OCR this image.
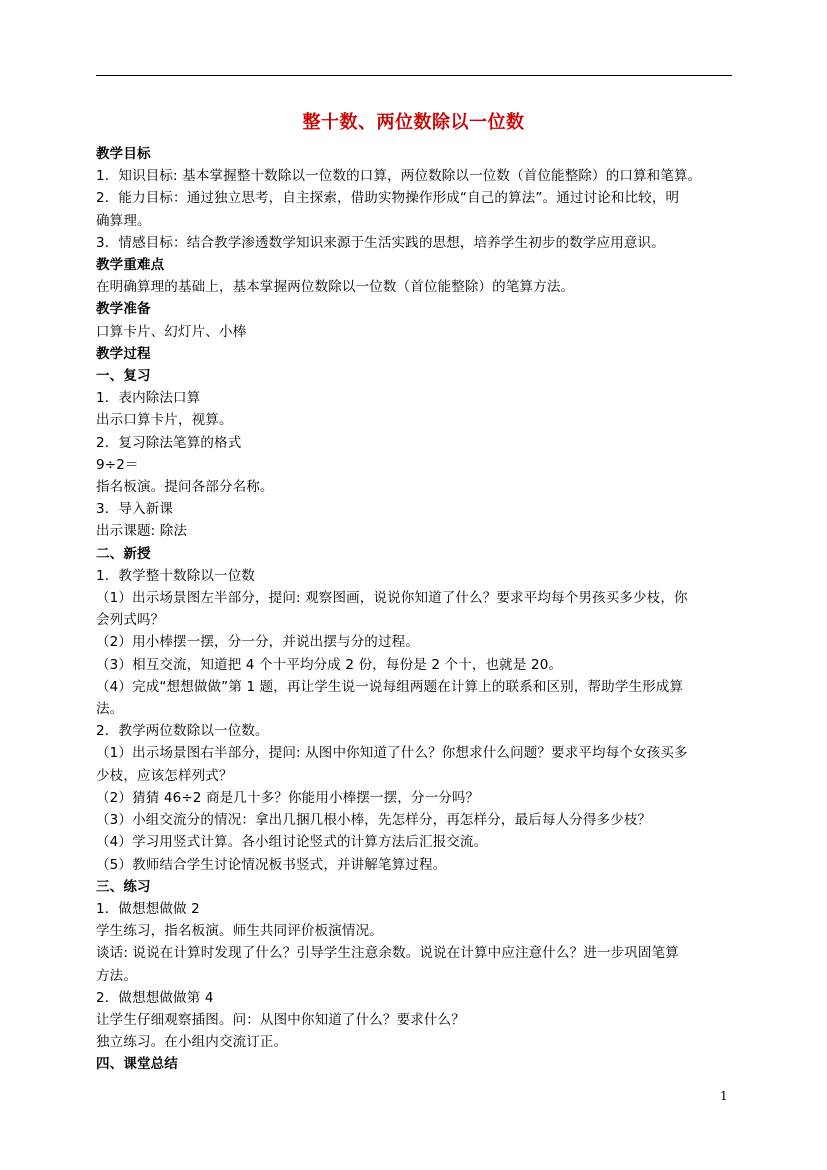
整十数、两位数除以一位数
教学目标
1．知识目标: 基本掌握整十数除以一位数的口算，两位数除以一位数（首位能整除）的口算和笔算。
2．能力目标：通过独立思考，自主探索，借助实物操作形成“自己的算法”。通过讨论和比较，明
确算理。
3．情感目标：结合教学渗透数学知识来源于生活实践的思想，培养学生初步的数学应用意识。
教学重难点
在明确算理的基础上，基本掌握两位数除以一位数（首位能整除）的笔算方法。
教学准备
口算卡片、幻灯片、小棒
教学过程
一、复习
1．表内除法口算
出示口算卡片，视算。
2．复习除法笔算的格式
9÷2＝
指名板演。提问各部分名称。
3．导入新课
出示课题: 除法
二、新授
1．教学整十数除以一位数
（1）出示场景图左半部分，提问: 观察图画，说说你知道了什么？要求平均每个男孩买多少枝，你
会列式吗？
（2）用小棒摆一摆，分一分，并说出摆与分的过程。
（3）相互交流，知道把 4 个十平均分成 2 份，每份是 2 个十，也就是 20。
（4）完成“想想做做”第 1 题，再让学生说一说每组两题在计算上的联系和区别，帮助学生形成算
法。
2．教学两位数除以一位数。
（1）出示场景图右半部分，提问: 从图中你知道了什么？你想求什么问题？要求平均每个女孩买多
少枝，应该怎样列式？
（2）猜猜 46÷2 商是几十多？你能用小棒摆一摆，分一分吗？
（3）小组交流分的情况：拿出几捆几根小棒，先怎样分，再怎样分，最后每人分得多少枝？
（4）学习用竖式计算。各小组讨论竖式的计算方法后汇报交流。
（5）教师结合学生讨论情况板书竖式，并讲解笔算过程。
三、练习
1．做想想做做 2
学生练习，指名板演。师生共同评价板演情况。
谈话: 说说在计算时发现了什么？引导学生注意余数。说说在计算中应注意什么？进一步巩固笔算
方法。
2．做想想做做第 4
让学生仔细观察插图。问：从图中你知道了什么？要求什么？
独立练习。在小组内交流订正。
四、课堂总结
1
